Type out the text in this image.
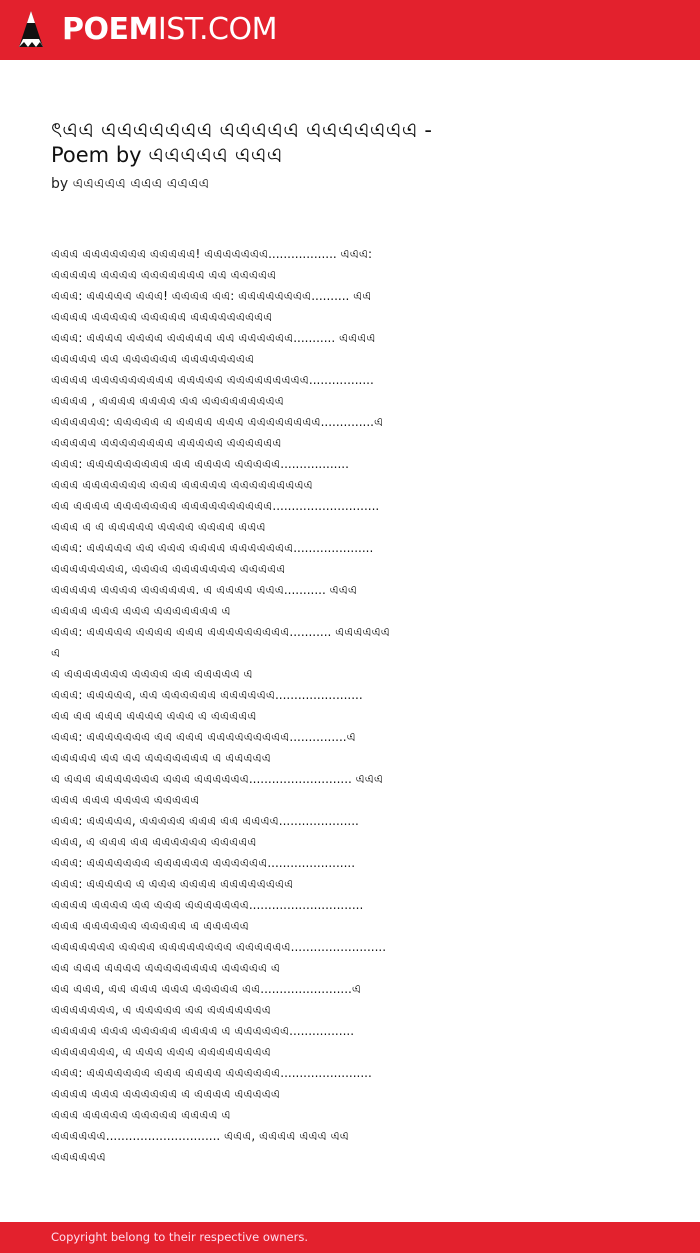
POEMIST.COM
ৎএএ এএএএএএএ এএএএএ এএএএএএএ - Poem by এএএএএ এএএ
by এএএএএ এএএ এএএএ
এএএ এএএএএএএ এএএএএ! এএএএএএএ.................. এএএ:
এএএএএ এএএএ এএএএএএএ এএ এএএএএ
এএএ: এএএএএ এএএ! এএএএ এএ: এএএএএএএএ.......... এএ
এএএএ এএএএএ এএএএএ এএএএএএএএএ
এএএ: এএএএ এএএএ এএএএএ এএ এএএএএএ........... এএএএ
এএএএএ এএ এএএএএএ এএএএএএএএ
এএএএ এএএএএএএএএ এএএএএ এএএএএএএএএ.................
এএএএ , এএএএ এএএএ এএ এএএএএএএএএ
এএএএএএ: এএএএএ এ এএএএ এএএ এএএএএএএএ..............এ
এএএএএ এএএএএএএএ এএএএএ এএএএএএ
এএএ: এএএএএএএএএ এএ এএএএ এএএএএ..................
এএএ এএএএএএএ এএএ এএএএএ এএএএএএএএএ
এএ এএএএ এএএএএএএ এএএএএএএএএএ............................
এএএ এ এ এএএএএ এএএএ এএএএ এএএ
এএএ: এএএএএ এএ এএএ এএএএ এএএএএএএ.....................
এএএএএএএএ, এএএএ এএএএএএএ এএএএএ
এএএএএ এএএএ এএএএএএ. এ এএএএ এএএ........... এএএ
এএএএ এএএ এএএ এএএএএএএ এ
এএএ: এএএএএ এএএএ এএএ এএএএএএএএএ........... এএএএএএএ
এ এএএএএএএ এএএএ এএ এএএএএ এ
এএএ: এএএএএ, এএ এএএএএএ এএএএএএ.......................
এএ এএ এএএ এএএএ এএএ এ এএএএএ
এএএ: এএএএএএএ এএ এএএ এএএএএএএএএ...............এ
এএএএএ এএ এএ এএএএএএএ এ এএএএএ
এ এএএ এএএএএএএ এএএ এএএএএএ........................... এএএ
এএএ এএএ এএএএ এএএএএ
এএএ: এএএএএ, এএএএএ এএএ এএ এএএএ.....................
এএএ, এ এএএ এএ এএএএএএ এএএএএ
এএএ: এএএএএএএ এএএএএএ এএএএএএ.......................
এএএ: এএএএএ এ এএএ এএএএ এএএএএএএএ
এএএএ এএএএ এএ এএএ এএএএএএএ..............................
এএএ এএএএএএ এএএএএ এ এএএএএ
এএএএএএএ এএএএ এএএএএএএএ এএএএএএ.........................
এএ এএএ এএএএ এএএএএএএএ এএএএএ এ
এএ এএএ, এএ এএএ এএএ এএএএএ এএ........................এ
এএএএএএএ, এ এএএএএ এএ এএএএএএএ
এএএএএ এএএ এএএএএ এএএএ এ এএএএএএ.................
এএএএএএএ, এ এএএ এএএ এএএএএএএএ
এএএ: এএএএএএএ এএএ এএএএ এএএএএএ........................
এএএএ এএএ এএএএএএ এ এএএএ এএএএএ
এএএ এএএএএ এএএএএ এএএএ এ
এএএএএএ.............................. এএএ, এএএএ এএএ এএ
এএএএএএ
Copyright belong to their respective owners.
